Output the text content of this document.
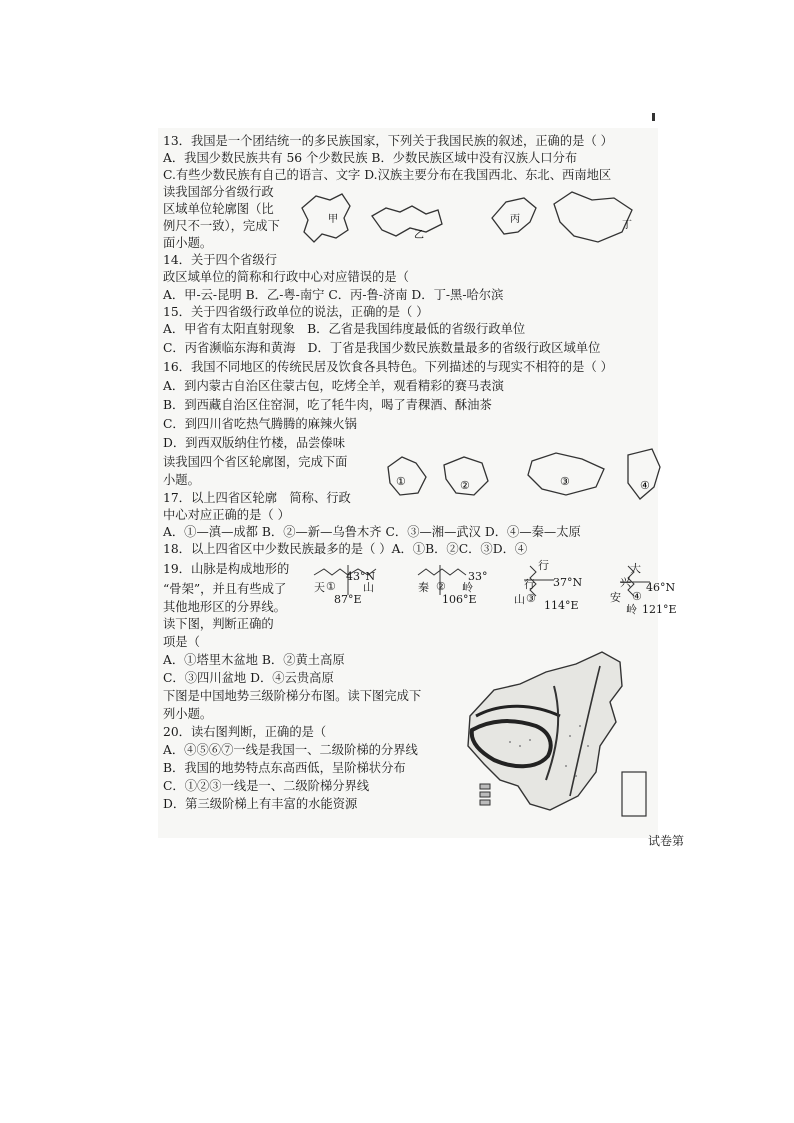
13．我国是一个团结统一的多民族国家，下列关于我国民族的叙述，正确的是（ ）
A．我国少数民族共有 56 个少数民族 B．少数民族区域中没有汉族人口分布
C.有些少数民族有自己的语言、文字 D.汉族主要分布在我国西北、东北、西南地区
读我国部分省级行政
区域单位轮廓图（比
例尺不一致），完成下
面小题。
14．关于四个省级行
政区域单位的简称和行政中心对应错误的是（
A．甲-云-昆明 B．乙-粤-南宁 C．丙-鲁-济南 D．丁-黑-哈尔滨
15．关于四省级行政单位的说法，正确的是（ ）
A．甲省有太阳直射现象　B．乙省是我国纬度最低的省级行政单位
C．丙省濒临东海和黄海　D．丁省是我国少数民族数量最多的省级行政区域单位
16．我国不同地区的传统民居及饮食各具特色。下列描述的与现实不相符的是（ ）
A．到内蒙古自治区住蒙古包，吃烤全羊，观看精彩的赛马表演
B．到西藏自治区住窑洞，吃了牦牛肉，喝了青稞酒、酥油茶
C．到四川省吃热气腾腾的麻辣火锅
D．到西双版纳住竹楼，品尝傣味
读我国四个省区轮廓图，完成下面
小题。
17．以上四省区轮廓　简称、行政
中心对应正确的是（ ）
A．①—滇—成都 B．②—新—乌鲁木齐 C．③—湘—武汉 D．④—秦—太原
18．以上四省区中少数民族最多的是（ ）A．①B．②C．③D．④
19．山脉是构成地形的
“骨架”，并且有些成了
其他地形区的分界线。
读下图，判断正确的
项是（
A．①塔里木盆地 B．②黄土高原
C．③四川盆地 D．④云贵高原
下图是中国地势三级阶梯分布图。读下图完成下
列小题。
20．读右图判断，正确的是（
A．④⑤⑥⑦一线是我国一、二级阶梯的分界线
B．我国的地势特点东高西低，呈阶梯状分布
C．①②③一线是一、二级阶梯分界线
D．第三级阶梯上有丰富的水能资源
甲
乙
丙
丁
①	②	③	④
43°N
天 ① 山
87°E
33°
秦 ② 岭
106°E
行
行 37°N
山 ③
114°E
大
兴 46°N
安 ④
岭 121°E
试卷第
